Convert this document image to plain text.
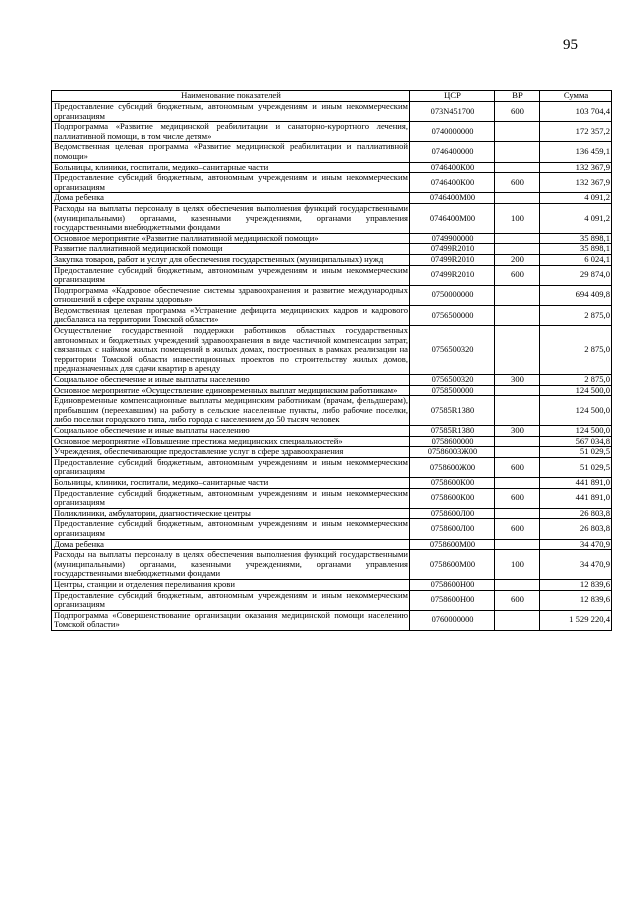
95
Наименование показателей	ЦСР	ВР	Сумма
Предоставление субсидий бюджетным, автономным учреждениям и иным некоммерческим организациям	073N451700	600	103 704,4
Подпрограмма «Развитие медицинской реабилитации и санаторно-курортного лечения, паллиативной помощи, в том числе детям»	0740000000		172 357,2
Ведомственная целевая программа «Развитие медицинской реабилитации и паллиативной помощи»	0746400000		136 459,1
Больницы, клиники, госпитали, медико–санитарные части	0746400К00		132 367,9
Предоставление субсидий бюджетным, автономным учреждениям и иным некоммерческим организациям	0746400К00	600	132 367,9
Дома ребенка	0746400М00		4 091,2
Расходы на выплаты персоналу в целях обеспечения выполнения функций государственными (муниципальными) органами, казенными учреждениями, органами управления государственными внебюджетными фондами	0746400М00	100	4 091,2
Основное мероприятие «Развитие паллиативной медицинской помощи»	0749900000		35 898,1
Развитие паллиативной медицинской помощи	07499R2010		35 898,1
Закупка товаров, работ и услуг для обеспечения государственных (муниципальных) нужд	07499R2010	200	6 024,1
Предоставление субсидий бюджетным, автономным учреждениям и иным некоммерческим организациям	07499R2010	600	29 874,0
Подпрограмма «Кадровое обеспечение системы здравоохранения и развитие международных отношений в сфере охраны здоровья»	0750000000		694 409,8
Ведомственная целевая программа «Устранение дефицита медицинских кадров и кадрового дисбаланса на территории Томской области»	0756500000		2 875,0
Осуществление государственной поддержки работников областных государственных автономных и бюджетных учреждений здравоохранения в виде частичной компенсации затрат, связанных с наймом жилых помещений в жилых домах, построенных в рамках реализации на территории Томской области инвестиционных проектов по строительству жилых домов, предназначенных для сдачи квартир в аренду	0756500320		2 875,0
Социальное обеспечение и иные выплаты населению	0756500320	300	2 875,0
Основное мероприятие «Осуществление единовременных выплат медицинским работникам»	0758500000		124 500,0
Единовременные компенсационные выплаты медицинским работникам (врачам, фельдшерам), прибывшим (переехавшим) на работу в сельские населенные пункты, либо рабочие поселки, либо поселки городского типа, либо города с населением до 50 тысяч человек	07585R1380		124 500,0
Социальное обеспечение и иные выплаты населению	07585R1380	300	124 500,0
Основное мероприятие «Повышение престижа медицинских специальностей»	0758600000		567 034,8
Учреждения, обеспечивающие предоставление услуг в сфере здравоохранения	07586003Ж00		51 029,5
Предоставление субсидий бюджетным, автономным учреждениям и иным некоммерческим организациям	0758600Ж00	600	51 029,5
Больницы, клиники, госпитали, медико–санитарные части	0758600К00		441 891,0
Предоставление субсидий бюджетным, автономным учреждениям и иным некоммерческим организациям	0758600К00	600	441 891,0
Поликлиники, амбулатории, диагностические центры	0758600Л00		26 803,8
Предоставление субсидий бюджетным, автономным учреждениям и иным некоммерческим организациям	0758600Л00	600	26 803,8
Дома ребенка	0758600М00		34 470,9
Расходы на выплаты персоналу в целях обеспечения выполнения функций государственными (муниципальными) органами, казенными учреждениями, органами управления государственными внебюджетными фондами	0758600М00	100	34 470,9
Центры, станции и отделения переливания крови	0758600Н00		12 839,6
Предоставление субсидий бюджетным, автономным учреждениям и иным некоммерческим организациям	0758600Н00	600	12 839,6
Подпрограмма «Совершенствование организации оказания медицинской помощи населению Томской области»	0760000000		1 529 220,4
